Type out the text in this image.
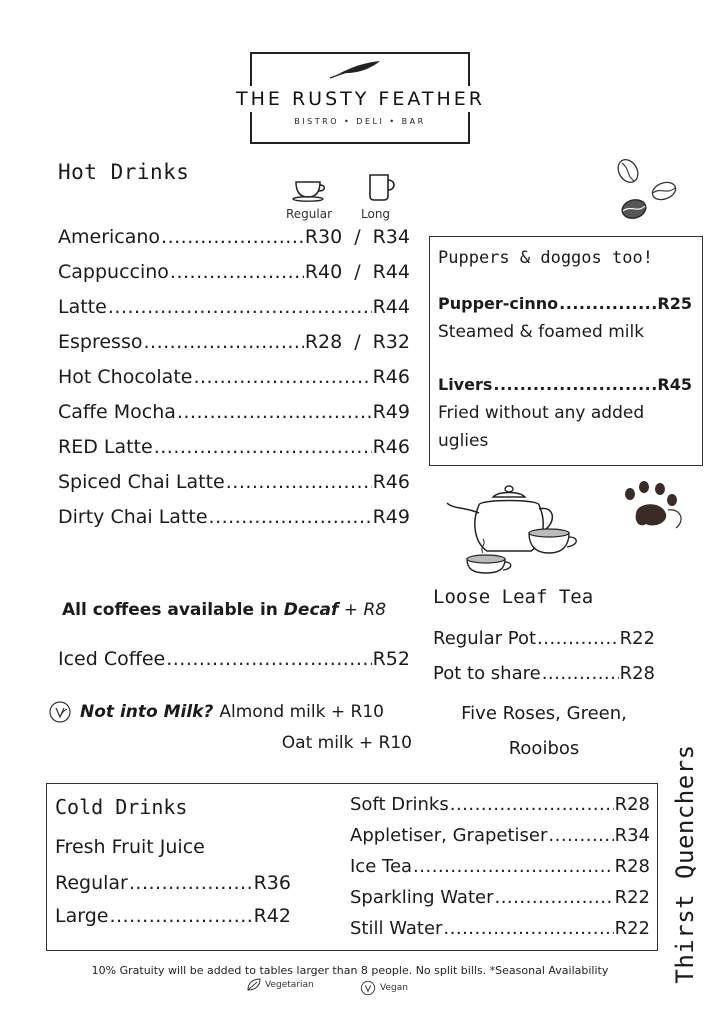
THE RUSTY FEATHER
BISTRO • DELI • BAR
Hot Drinks
Regular Long
Americano .....	R30 / R34
Cappuccino .....	R40 / R44
Latte .....	R44
Espresso .....	R28 / R32
Hot Chocolate .....	R46
Caffe Mocha .....	R49
RED Latte .....	R46
Spiced Chai Latte .....	R46
Dirty Chai Latte .....	R49
All coffees available in Decaf + R8
Iced Coffee .....	R52
Not into Milk? Almond milk + R10
Oat milk + R10
Puppers & doggos too!
Pupper-cinno .....	R25
Steamed & foamed milk
Livers .....	R45
Fried without any added uglies
Loose Leaf Tea
Regular Pot .....	R22
Pot to share .....	R28
Five Roses, Green, Rooibos
Cold Drinks
Fresh Fruit Juice
Regular .....	R36
Large .....	R42
Soft Drinks .....	R28
Appletiser, Grapetiser .....	R34
Ice Tea .....	R28
Sparkling Water .....	R22
Still Water .....	R22 Thirst Quenchers
10% Gratuity will be added to tables larger than 8 people. No split bills. *Seasonal Availability
Vegetarian	Vegan
